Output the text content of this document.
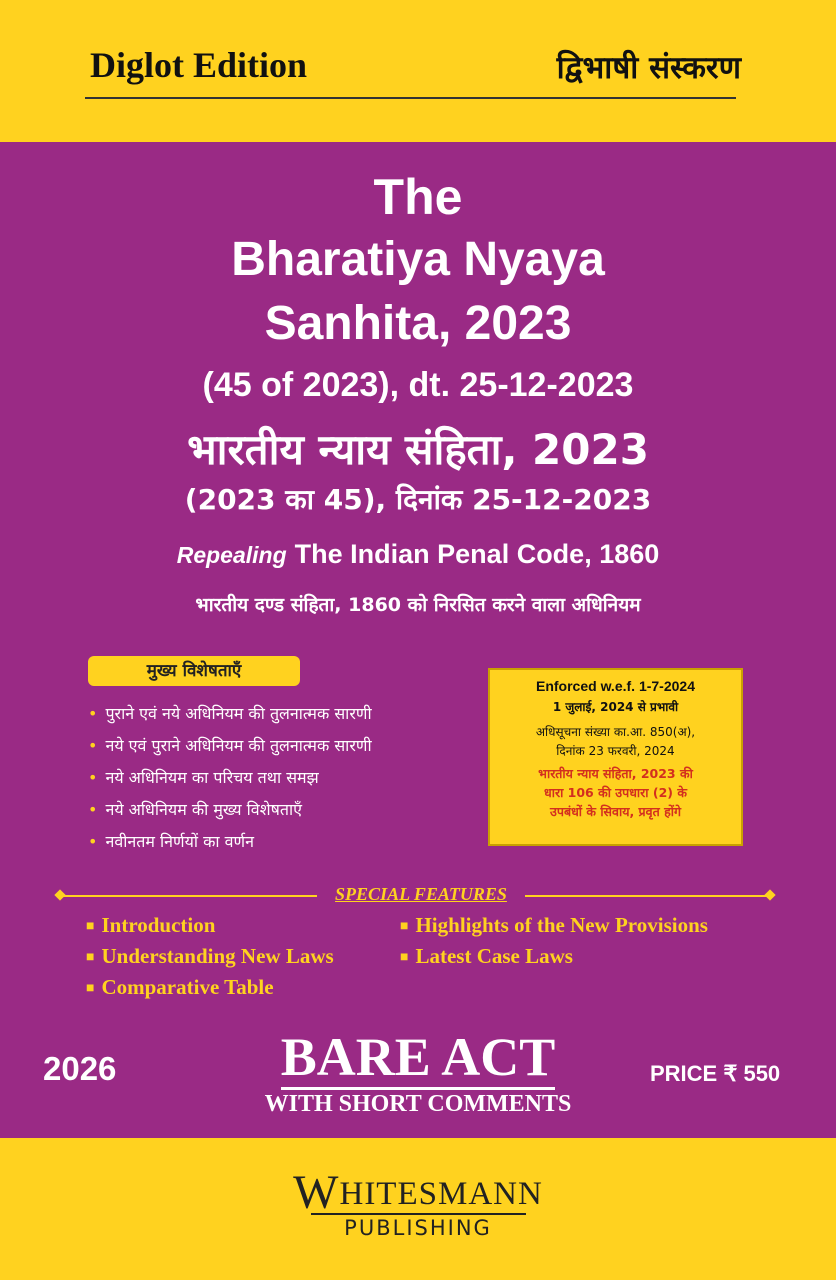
Diglot Edition	द्विभाषी संस्करण
The
Bharatiya Nyaya
Sanhita, 2023
(45 of 2023), dt. 25-12-2023
भारतीय न्याय संहिता, 2023
(2023 का 45), दिनांक 25-12-2023
Repealing The Indian Penal Code, 1860
भारतीय दण्ड संहिता, 1860 को निरसित करने वाला अधिनियम
मुख्य विशेषताएँ
• पुराने एवं नये अधिनियम की तुलनात्मक सारणी
• नये एवं पुराने अधिनियम की तुलनात्मक सारणी
• नये अधिनियम का परिचय तथा समझ
• नये अधिनियम की मुख्य विशेषताएँ
• नवीनतम निर्णयों का वर्णन
Enforced w.e.f. 1-7-2024
1 जुलाई, 2024 से प्रभावी
अधिसूचना संख्या का.आ. 850(अ),
दिनांक 23 फरवरी, 2024
भारतीय न्याय संहिता, 2023 की
धारा 106 की उपधारा (2) के
उपबंधों के सिवाय, प्रवृत होंगे
SPECIAL FEATURES
■ Introduction
■ Understanding New Laws
■ Comparative Table
■ Highlights of the New Provisions
■ Latest Case Laws
2026	BARE ACT
WITH SHORT COMMENTS
PRICE ₹ 550
WHITESMANN
PUBLISHING
